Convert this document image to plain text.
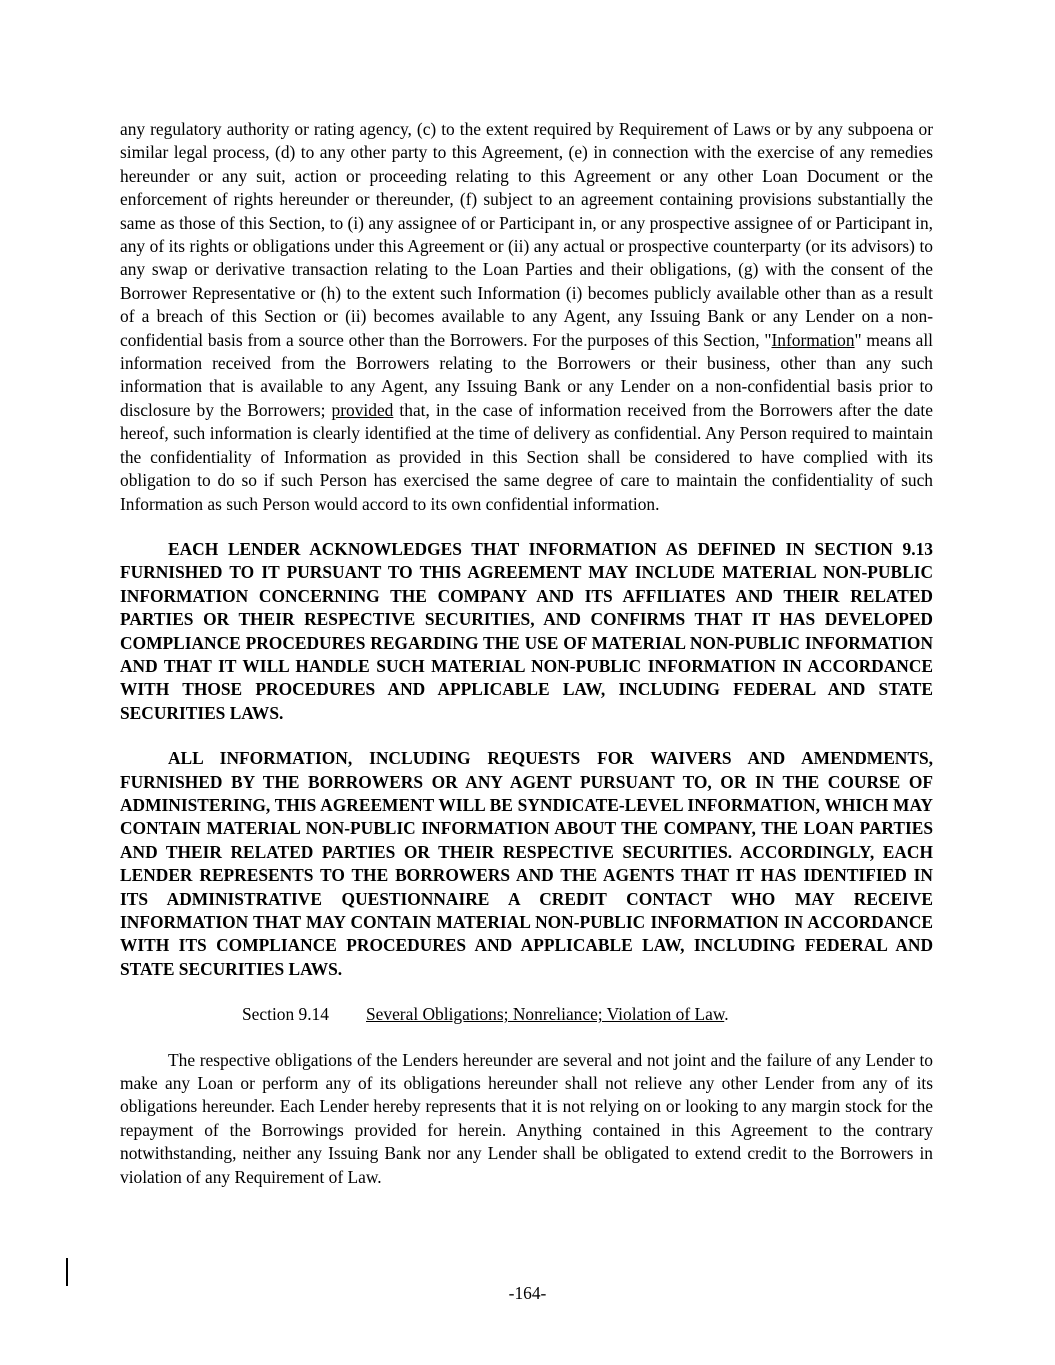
any regulatory authority or rating agency, (c) to the extent required by Requirement of Laws or by any subpoena or similar legal process, (d) to any other party to this Agreement, (e) in connection with the exercise of any remedies hereunder or any suit, action or proceeding relating to this Agreement or any other Loan Document or the enforcement of rights hereunder or thereunder, (f) subject to an agreement containing provisions substantially the same as those of this Section, to (i) any assignee of or Participant in, or any prospective assignee of or Participant in, any of its rights or obligations under this Agreement or (ii) any actual or prospective counterparty (or its advisors) to any swap or derivative transaction relating to the Loan Parties and their obligations, (g) with the consent of the Borrower Representative or (h) to the extent such Information (i) becomes publicly available other than as a result of a breach of this Section or (ii) becomes available to any Agent, any Issuing Bank or any Lender on a non-confidential basis from a source other than the Borrowers. For the purposes of this Section, "Information" means all information received from the Borrowers relating to the Borrowers or their business, other than any such information that is available to any Agent, any Issuing Bank or any Lender on a non-confidential basis prior to disclosure by the Borrowers; provided that, in the case of information received from the Borrowers after the date hereof, such information is clearly identified at the time of delivery as confidential. Any Person required to maintain the confidentiality of Information as provided in this Section shall be considered to have complied with its obligation to do so if such Person has exercised the same degree of care to maintain the confidentiality of such Information as such Person would accord to its own confidential information.

EACH LENDER ACKNOWLEDGES THAT INFORMATION AS DEFINED IN SECTION 9.13 FURNISHED TO IT PURSUANT TO THIS AGREEMENT MAY INCLUDE MATERIAL NON-PUBLIC INFORMATION CONCERNING THE COMPANY AND ITS AFFILIATES AND THEIR RELATED PARTIES OR THEIR RESPECTIVE SECURITIES, AND CONFIRMS THAT IT HAS DEVELOPED COMPLIANCE PROCEDURES REGARDING THE USE OF MATERIAL NON-PUBLIC INFORMATION AND THAT IT WILL HANDLE SUCH MATERIAL NON-PUBLIC INFORMATION IN ACCORDANCE WITH THOSE PROCEDURES AND APPLICABLE LAW, INCLUDING FEDERAL AND STATE SECURITIES LAWS.

ALL INFORMATION, INCLUDING REQUESTS FOR WAIVERS AND AMENDMENTS, FURNISHED BY THE BORROWERS OR ANY AGENT PURSUANT TO, OR IN THE COURSE OF ADMINISTERING, THIS AGREEMENT WILL BE SYNDICATE-LEVEL INFORMATION, WHICH MAY CONTAIN MATERIAL NON-PUBLIC INFORMATION ABOUT THE COMPANY, THE LOAN PARTIES AND THEIR RELATED PARTIES OR THEIR RESPECTIVE SECURITIES. ACCORDINGLY, EACH LENDER REPRESENTS TO THE BORROWERS AND THE AGENTS THAT IT HAS IDENTIFIED IN ITS ADMINISTRATIVE QUESTIONNAIRE A CREDIT CONTACT WHO MAY RECEIVE INFORMATION THAT MAY CONTAIN MATERIAL NON-PUBLIC INFORMATION IN ACCORDANCE WITH ITS COMPLIANCE PROCEDURES AND APPLICABLE LAW, INCLUDING FEDERAL AND STATE SECURITIES LAWS.

Section 9.14 Several Obligations; Nonreliance; Violation of Law.

The respective obligations of the Lenders hereunder are several and not joint and the failure of any Lender to make any Loan or perform any of its obligations hereunder shall not relieve any other Lender from any of its obligations hereunder. Each Lender hereby represents that it is not relying on or looking to any margin stock for the repayment of the Borrowings provided for herein. Anything contained in this Agreement to the contrary notwithstanding, neither any Issuing Bank nor any Lender shall be obligated to extend credit to the Borrowers in violation of any Requirement of Law.

-164-
